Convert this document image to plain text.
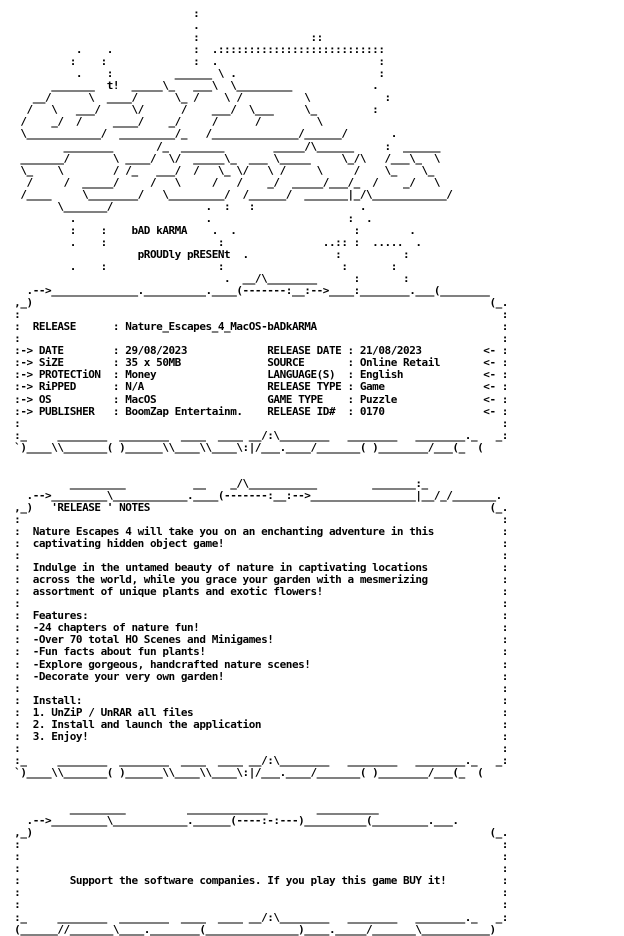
:
.
:                  ::
.    .             :  .:::::::::::::::::::::::::::
:    :              :  .                          :
.    :          ______ \ .                       :
_______  t!  _____\_   ___\  \_________             .
__/      \  ____/      \_ /    \ /          \            :
/   \   ___/     \/      /    ___/  \___     \_         :
/    _/  /     ____/    _/     /      /         \
\____________/  _________/_   /______________/______/       .
________       /_  _______        _____/\______     :  ______
_______/       \ ____/  \/  _____\_  ___ \_____     \_/\   /___\_  \
\_    \        / /_   ___/  /   \_ \/   \ /     \     /    \_    \_
/     /  _____/     /   \     /   /    _/  _____/___/_  /    _/   \
/____     \________/   \_________/  /______/  _______|_/\____________/
\_______/               .  :   :                 .
.                     .                      :  .
:    :    bAD kARMA    .  .                   :        .
.    :                  :                ..:: :  .....  .
pROUDly pRESENt  .              :          :
.    :                  :                   :       :
.  __/\________      :       :
.-->______________.__________.____(-------:__:-->____:________.___(________
,_)                                                                          (_.
:                                                                              :
:  RELEASE      : Nature_Escapes_4_MacOS-bADkARMA                              :
:                                                                              :
:-> DATE        : 29/08/2023             RELEASE DATE : 21/08/2023          <- :
:-> SiZE        : 35 x 50MB              SOURCE       : Online Retail       <- :
:-> PROTECTiON  : Money                  LANGUAGE(S)  : English             <- :
:-> RiPPED      : N/A                    RELEASE TYPE : Game                <- :
:-> OS          : MacOS                  GAME TYPE    : Puzzle              <- :
:-> PUBLISHER   : BoomZap Entertainm.    RELEASE ID#  : 0170                <- :
:                                                                              :
:_     ________  ________  ____  ____ __/:\________   ________   ________._   _:
`)____\\_______( )______\\____\\____\:|/___.____/_______( )________/___(_  (

_________           __    _/\___________         _______:_
.-->_________\____________.____(-------:__:-->_________________|__/_/_______.
,_)   'RELEASE ' NOTES                                                       (_.
:                                                                              :
:  Nature Escapes 4 will take you on an enchanting adventure in this           :
:  captivating hidden object game!                                             :
:                                                                              :
:  Indulge in the untamed beauty of nature in captivating locations            :
:  across the world, while you grace your garden with a mesmerizing            :
:  assortment of unique plants and exotic flowers!                             :
:                                                                              :
:  Features:                                                                   :
:  -24 chapters of nature fun!                                                 :
:  -Over 70 total HO Scenes and Minigames!                                     :
:  -Fun facts about fun plants!                                                :
:  -Explore gorgeous, handcrafted nature scenes!                               :
:  -Decorate your very own garden!                                             :
:                                                                              :
:  Install:                                                                    :
:  1. UnZiP / UnRAR all files                                                  :
:  2. Install and launch the application                                       :
:  3. Enjoy!                                                                   :
:                                                                              :
:_     ________  ________  ____  ____ __/:\________   ________   ________._   _:
`)____\\_______( )______\\____\\____\:|/___.____/_______( )________/___(_  (

_________          _____________        __________
.-->_________\____________.______(----:-:---)__________(_________.___.
,_)                                                                          (_.
:                                                                              :
:                                                                              :
:                                                                              :
:        Support the software companies. If you play this game BUY it!         :
:                                                                              :
:                                                                              :
:_     ________  ________  ____  ____ __/:\________   ________   ________._   _:
(______//_______\____.________(_______________)____._____/_______\___________)
